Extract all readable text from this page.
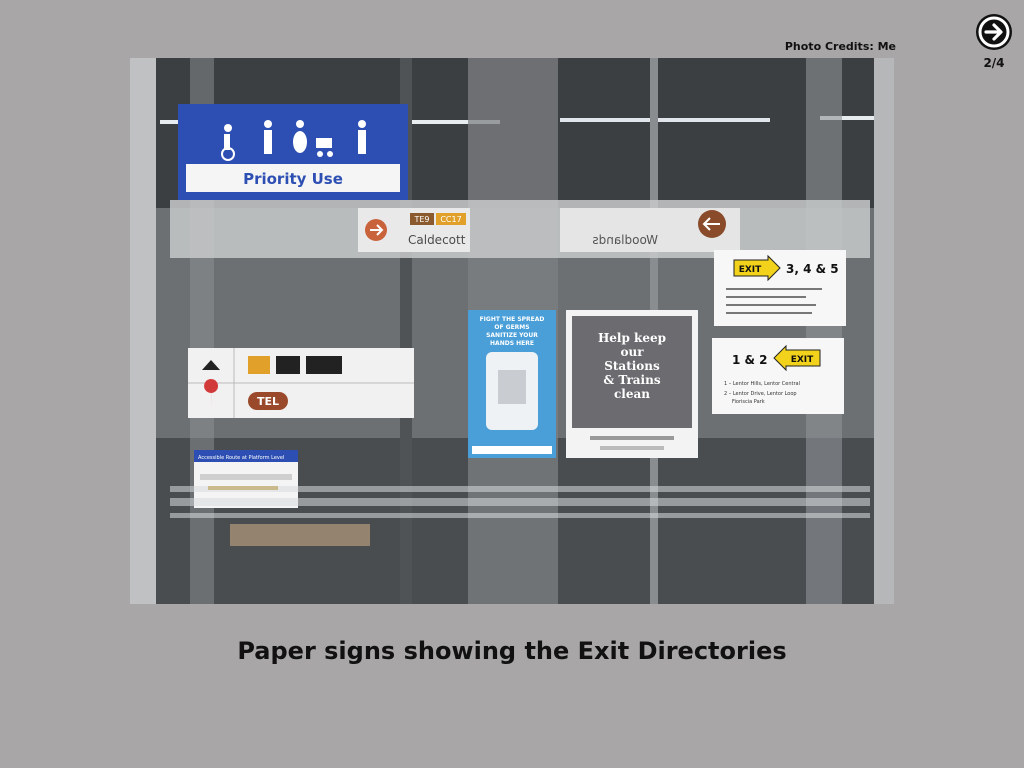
Photo Credits: Me
2/4
TE9 CC17
Caldecott	Woodlands
Priority Use
TEL
Accessible Route at Platform Level
FIGHT THE SPREAD
OF GERMS
SANITIZE YOUR
HANDS HERE	Help keep
our
Stations
& Trains
clean
EXIT 3, 4 & 5
1 & 2	EXIT
1 – Lentor Hills, Lentor Central
2 – Lentor Drive, Lentor Loop
Fioriscia Park
Paper signs showing the Exit Directories
